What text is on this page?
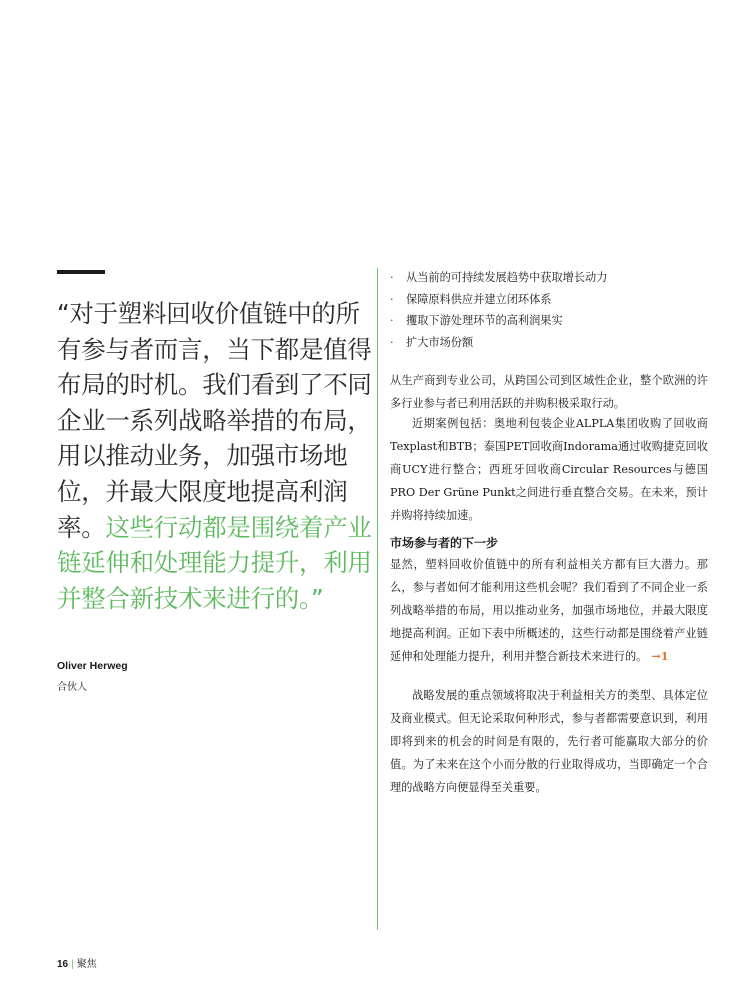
“对于塑料回收价值链中的所有参与者而言，当下都是值得布局的时机。我们看到了不同企业一系列战略举措的布局，用以推动业务，加强市场地位，并最大限度地提高利润率。这些行动都是围绕着产业链延伸和处理能力提升，利用并整合新技术来进行的。”
Oliver Herweg
合伙人
· 从当前的可持续发展趋势中获取增长动力
· 保障原料供应并建立闭环体系
· 攫取下游处理环节的高利润果实
· 扩大市场份额

从生产商到专业公司，从跨国公司到区域性企业，整个欧洲的许多行业参与者已利用活跃的并购积极采取行动。

近期案例包括：奥地利包装企业ALPLA集团收购了回收商Texplast和BTB；泰国PET回收商Indorama通过收购捷克回收商UCY进行整合；西班牙回收商Circular Resources与德国PRO Der Grüne Punkt之间进行垂直整合交易。在未来，预计并购将持续加速。

市场参与者的下一步

显然，塑料回收价值链中的所有利益相关方都有巨大潜力。那么，参与者如何才能利用这些机会呢？我们看到了不同企业一系列战略举措的布局，用以推动业务，加强市场地位，并最大限度地提高利润。正如下表中所概述的，这些行动都是围绕着产业链延伸和处理能力提升，利用并整合新技术来进行的。 →1

战略发展的重点领域将取决于利益相关方的类型、具体定位及商业模式。但无论采取何种形式，参与者都需要意识到，利用即将到来的机会的时间是有限的，先行者可能赢取大部分的价值。为了未来在这个小而分散的行业取得成功，当即确定一个合理的战略方向便显得至关重要。

16 | 聚焦
